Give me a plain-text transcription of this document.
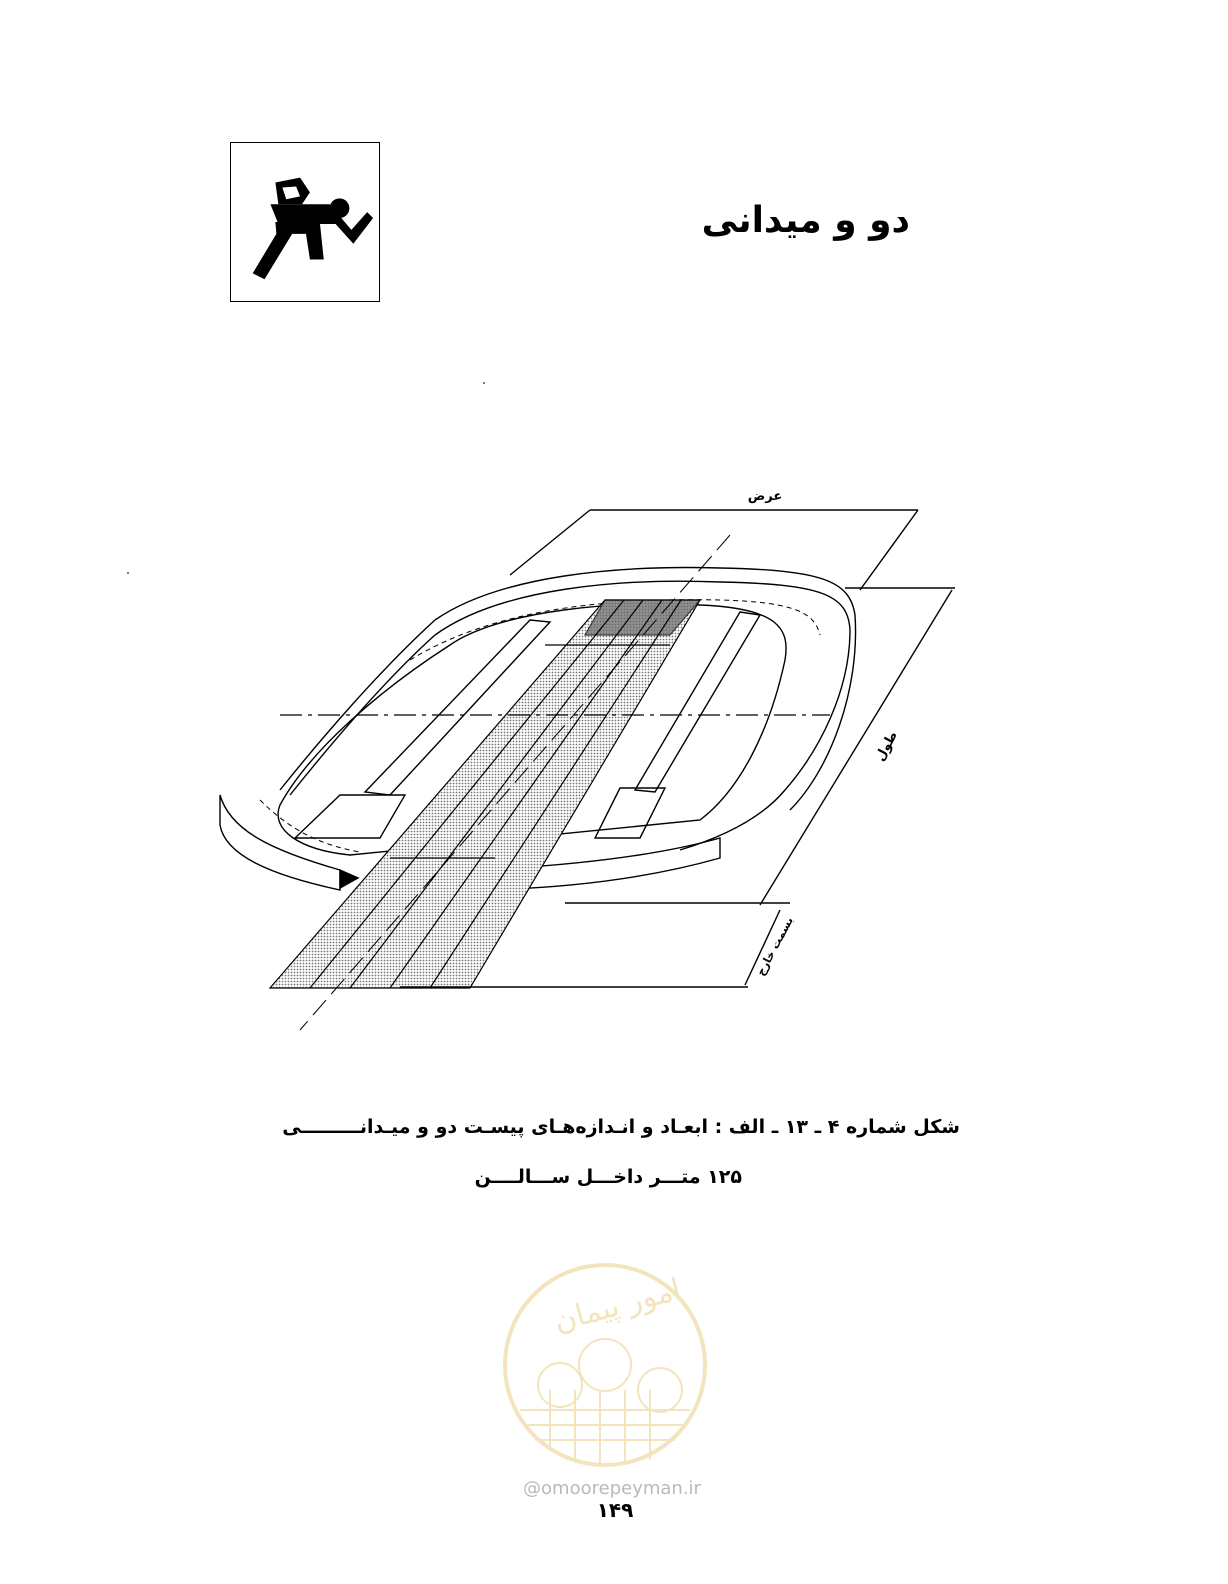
دو و میدانی
عرض
طول
بسمت خارج
شکل شماره ۴ ـ ۱۳ ـ الف : ابعـاد و انـدازه‌هـای پیسـت دو و میـدانـــــــــی
۱۲۵ متـــر داخـــل ســـالــــن
امور پیمان
@omoorepeyman.ir
۱۴۹
